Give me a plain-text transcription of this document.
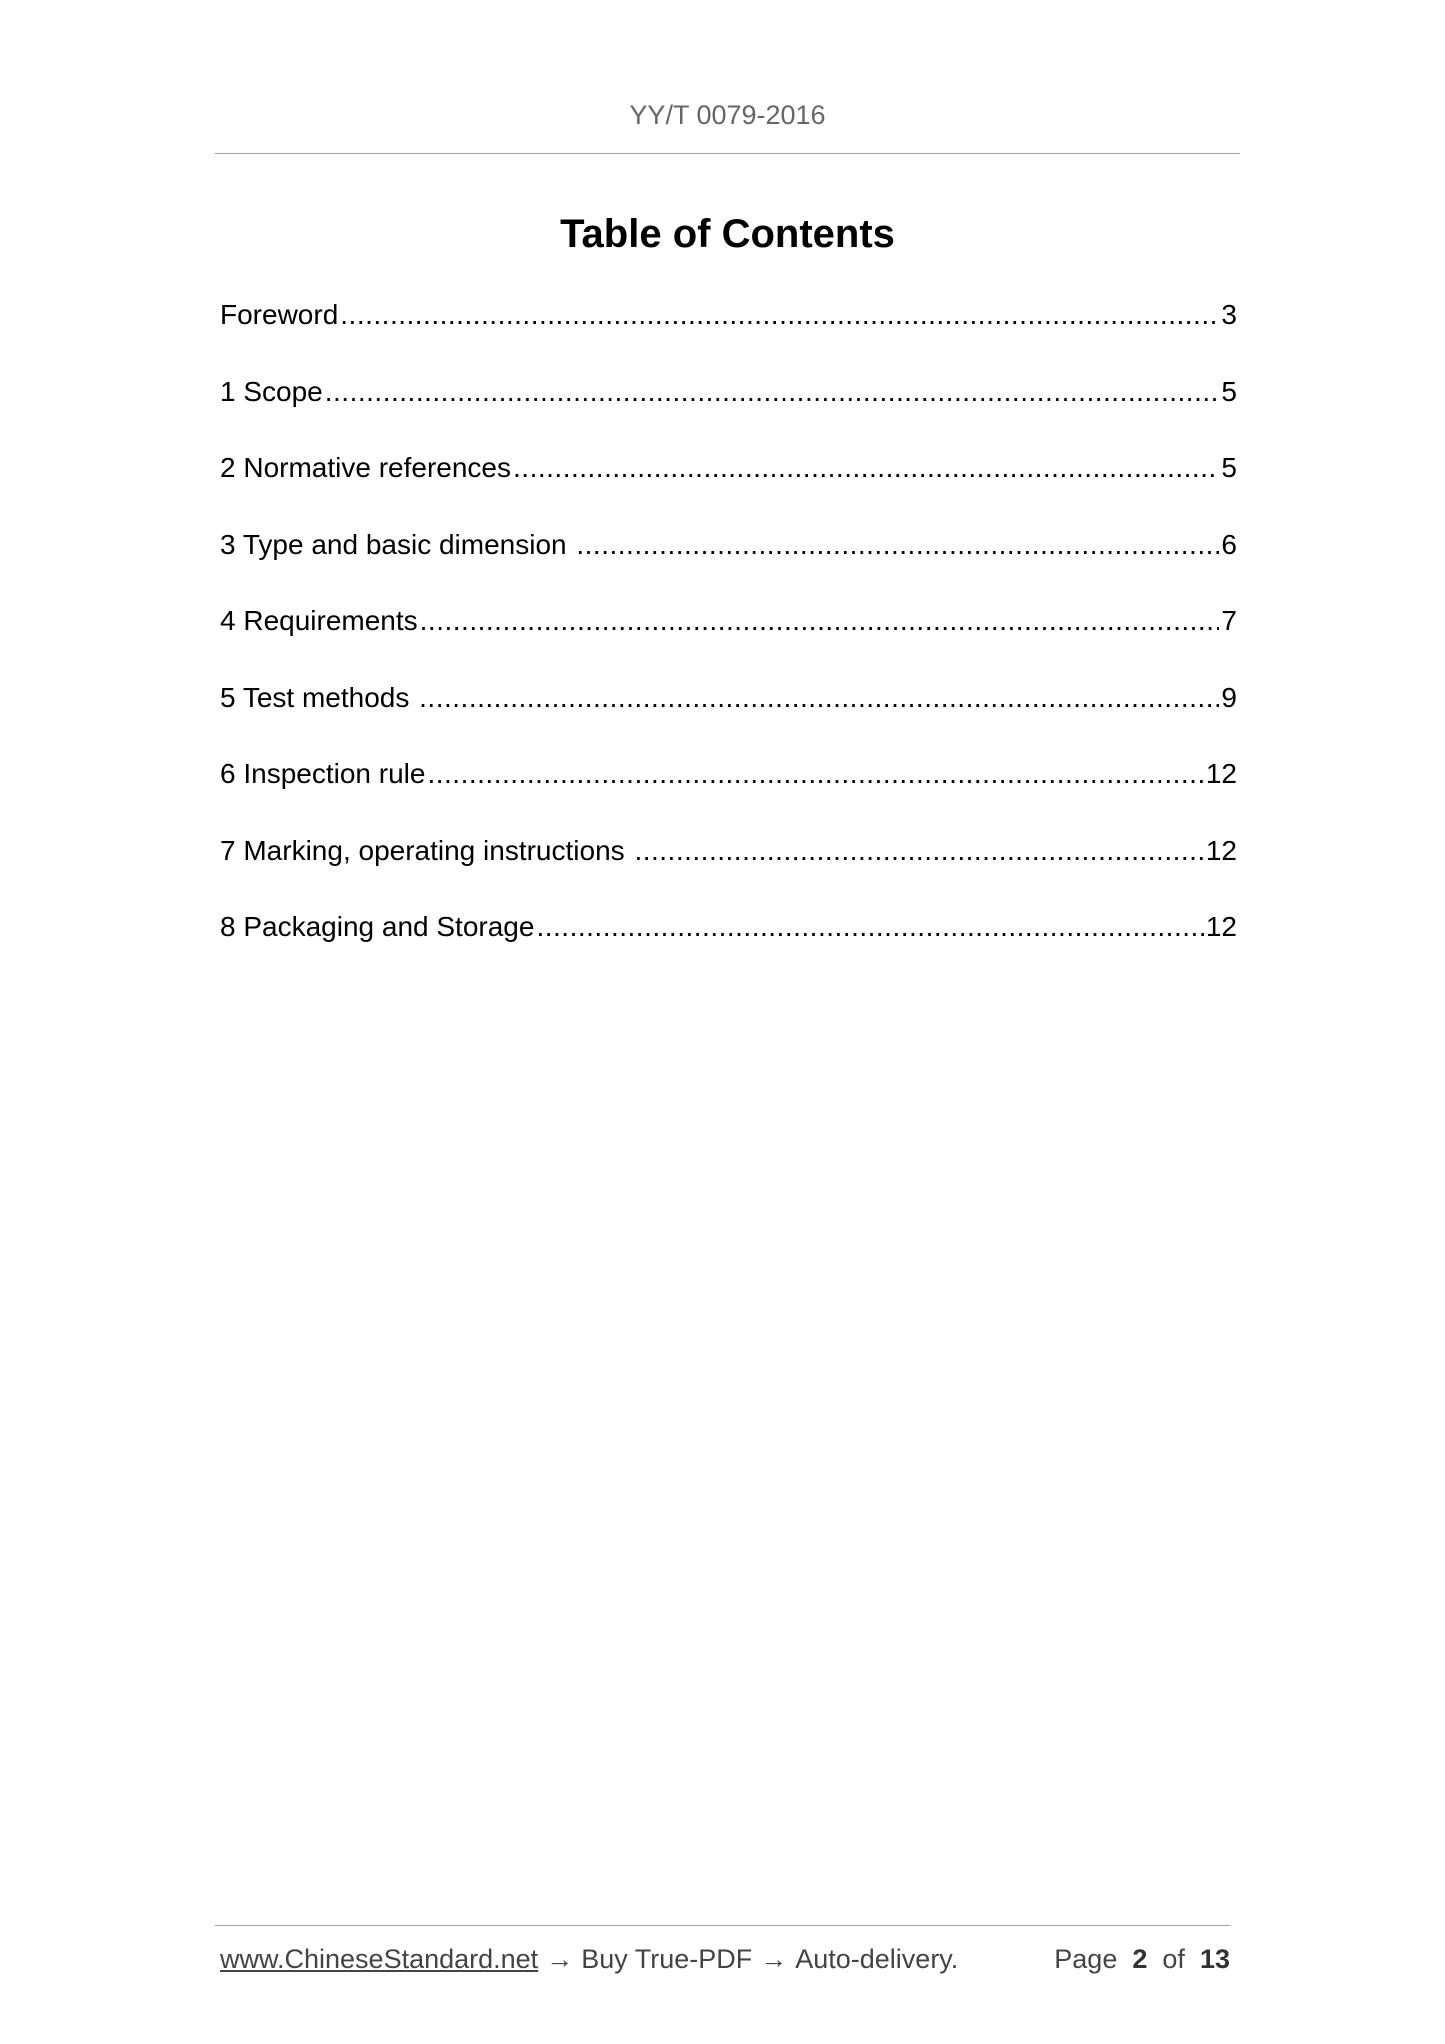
YY/T 0079-2016
Table of Contents
Foreword .....	3
1 Scope .....	5
2 Normative references .....	5
3 Type and basic dimension .....	6
4 Requirements .....	7
5 Test methods .....	9
6 Inspection rule .....	12
7 Marking, operating instructions .....	12
8 Packaging and Storage .....	12
www.ChineseStandard.net → Buy True-PDF → Auto-delivery.	Page 2 of 13
